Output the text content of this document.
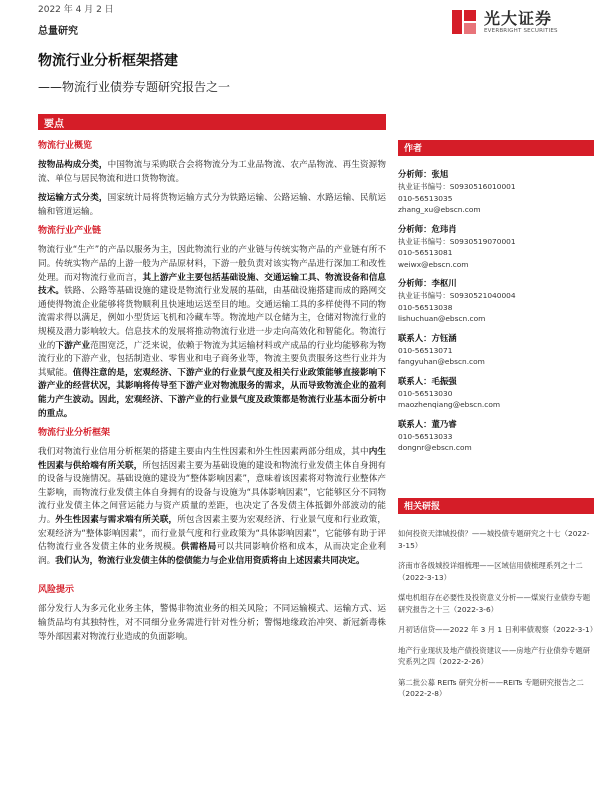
2022 年 4 月 2 日
总量研究
光大证券
EVERBRIGHT SECURITIES
物流行业分析框架搭建
——物流行业债券专题研究报告之一
要点
物流行业概览

按物品构成分类，中国物流与采购联合会将物流分为工业品物流、农产品物流、再生资源物流、单位与居民物流和进口货物物流。

按运输方式分类，国家统计局将货物运输方式分为铁路运输、公路运输、水路运输、民航运输和管道运输。

物流行业产业链

物流行业“生产”的产品以服务为主，因此物流行业的产业链与传统实物产品的产业链有所不同。传统实物产品的上游一般为产品原材料，下游一般负责对该实物产品进行深加工和改性处理。而对物流行业而言，其上游产业主要包括基础设施、交通运输工具、物流设备和信息技术。铁路、公路等基础设施的建设是物流行业发展的基础，由基础设施搭建而成的路网交通使得物流企业能够将货物顺利且快速地运送至目的地。交通运输工具的多样使得不同的物流需求得以满足，例如小型货运飞机和冷藏车等。物流地产以仓储为主，仓储对物流行业的规模及潜力影响较大。信息技术的发展将推动物流行业进一步走向高效化和智能化。物流行业的下游产业范围宽泛，广泛来说，依赖于物流为其运输材料或产成品的行业均能够称为物流行业的下游产业，包括制造业、零售业和电子商务业等，物流主要负责服务这些行业并为其赋能。值得注意的是，宏观经济、下游产业的行业景气度及相关行业政策能够直接影响下游产业的经营状况，其影响将传导至下游产业对物流服务的需求，从而导致物流企业的盈利能力产生波动。因此，宏观经济、下游产业的行业景气度及政策都是物流行业基本面分析中的重点。

物流行业分析框架

我们对物流行业信用分析框架的搭建主要由内生性因素和外生性因素两部分组成，其中内生性因素与供给端有所关联，所包括因素主要为基础设施的建设和物流行业发债主体自身拥有的设备与设施情况。基础设施的建设为“整体影响因素”，意味着该因素将对物流行业整体产生影响，而物流行业发债主体自身拥有的设备与设施为“具体影响因素”，它能够区分不同物流行业发债主体之间营运能力与资产质量的差距，也决定了各发债主体抵御外部波动的能力。外生性因素与需求端有所关联，所包含因素主要为宏观经济、行业景气度和行业政策，宏观经济为“整体影响因素”，而行业景气度和行业政策为“具体影响因素”，它能够有助于评估物流行业各发债主体的业务规模。供需格局可以共同影响价格和成本，从而决定企业利润。我们认为，物流行业发债主体的偿债能力与企业信用资质将由上述因素共同决定。

风险提示

部分发行人为多元化业务主体，警惕非物流业务的相关风险；不同运输模式、运输方式、运输货品均有其独特性，对不同细分业务需进行针对性分析；警惕地缘政治冲突、新冠新毒株等外部因素对物流行业造成的负面影响。

作者
分析师：张旭
执业证书编号：S0930516010001
010-56513035
zhang_xu@ebscn.com
分析师：危玮肖
执业证书编号：S0930519070001
010-56513081
weiwx@ebscn.com
分析师：李枢川
执业证书编号：S0930521040004
010-56513038
lishuchuan@ebscn.com
联系人：方钰涵
010-56513071
fangyuhan@ebscn.com
联系人：毛振强
010-56513030
maozhenqiang@ebscn.com
联系人：董乃睿
010-56513033
dongnr@ebscn.com
相关研报
如何投资天津城投债？——城投债专题研究之十七（2022-3-15）
济南市各级城投详细梳理——区域信用债梳理系列之十二（2022-3-13）
煤电机组存在必要性及投资意义分析——煤炭行业债券专题研究报告之十三（2022-3-6）
月初话信贷——2022 年 3 月 1 日利率债观察（2022-3-1）
地产行业现状及地产债投资建议——房地产行业债券专题研究系列之四（2022-2-26）
第二批公募 REITs 研究分析——REITs 专题研究报告之二（2022-2-8）
